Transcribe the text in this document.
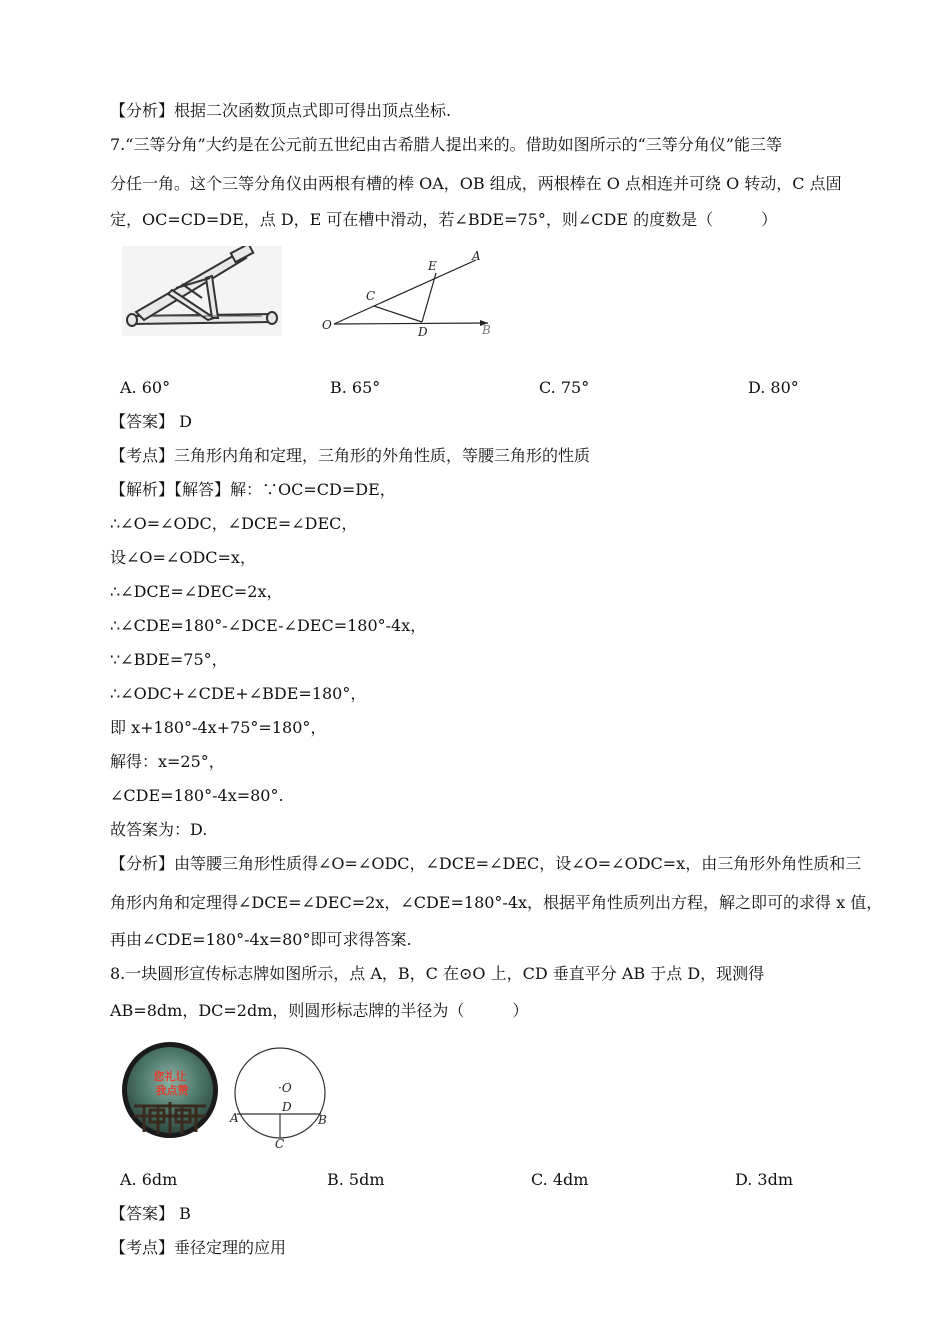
【分析】根据二次函数顶点式即可得出顶点坐标.
7.“三等分角”大约是在公元前五世纪由古希腊人提出来的。借助如图所示的“三等分角仪”能三等
分任一角。这个三等分角仪由两根有槽的棒 OA，OB 组成，两根棒在 O 点相连并可绕 O 转动，C 点固
定，OC=CD=DE，点 D，E 可在槽中滑动，若∠BDE=75°，则∠CDE 的度数是（　　　）
O
C
D
E
A
B
A. 60°	B. 65°	C. 75°	D. 80°
【答案】 D
【考点】三角形内角和定理，三角形的外角性质，等腰三角形的性质
【解析】【解答】解：∵OC=CD=DE，
∴∠O=∠ODC，∠DCE=∠DEC，
设∠O=∠ODC=x，
∴∠DCE=∠DEC=2x，
∴∠CDE=180°-∠DCE-∠DEC=180°-4x，
∵∠BDE=75°，
∴∠ODC+∠CDE+∠BDE=180°，
即 x+180°-4x+75°=180°，
解得：x=25°，
∠CDE=180°-4x=80°.
故答案为：D.
【分析】由等腰三角形性质得∠O=∠ODC，∠DCE=∠DEC，设∠O=∠ODC=x，由三角形外角性质和三
角形内角和定理得∠DCE=∠DEC=2x，∠CDE=180°-4x，根据平角性质列出方程，解之即可的求得 x 值，
再由∠CDE=180°-4x=80°即可求得答案.
8.一块圆形宣传标志牌如图所示，点 A，B，C 在⊙O 上，CD 垂直平分 AB 于点 D，现测得
AB=8dm，DC=2dm，则圆形标志牌的半径为（　　　）
您礼让
我点赞	·O
A	B
C
D
A. 6dm	B. 5dm	C. 4dm	D. 3dm
【答案】 B
【考点】垂径定理的应用
